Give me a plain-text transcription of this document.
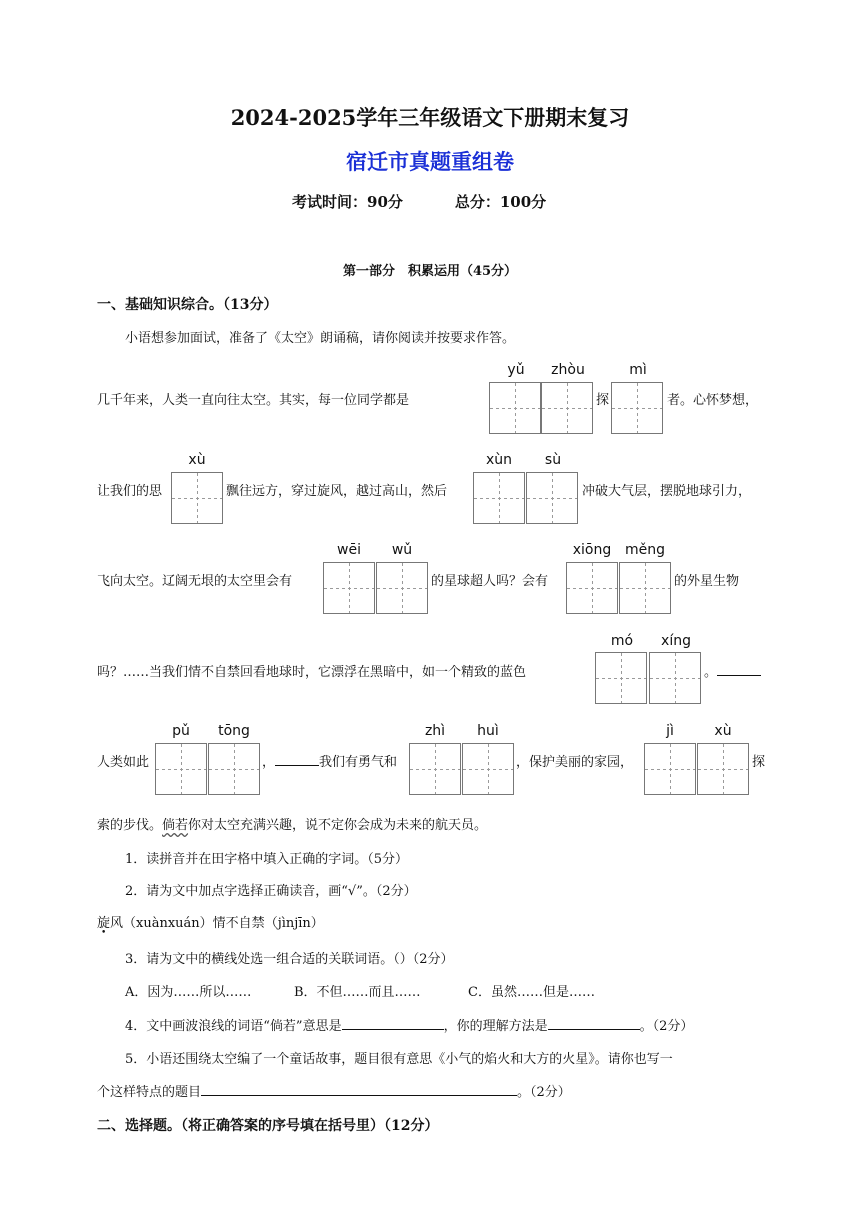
2024-2025学年三年级语文下册期末复习
宿迁市真题重组卷
考试时间：90分	总分：100分
第一部分　积累运用（45分）
一、基础知识综合。（13分）
小语想参加面试，准备了《太空》朗诵稿，请你阅读并按要求作答。
yǔ	zhòu	mì
几千年来，人类一直向往太空。其实，每一位同学都是	探	者。心怀梦想，
xù	xùn	sù
让我们的思	飘往远方，穿过旋风，越过高山，然后	冲破大气层，摆脱地球引力，
wēi	wǔ	xiōng měng
飞向太空。辽阔无垠的太空里会有	的星球超人吗？会有	的外星生物
mó	xíng
吗？……当我们情不自禁回看地球时，它漂浮在黑暗中，如一个精致的蓝色	。
pǔ	tōng	zhì	huì	jì	xù
人类如此	，	我们有勇气和	，保护美丽的家园，	探
索的步伐。倘若你对太空充满兴趣，说不定你会成为未来的航天员。
1．读拼音并在田字格中填入正确的字词。（5分）
2．请为文中加点字选择正确读音，画“√”。（2分）
旋风（xuànxuán）情不自禁（jìnjīn）
3．请为文中的横线处选一组合适的关联词语。（）（2分）
A．因为……所以……	B．不但……而且……	C．虽然……但是……
4．文中画波浪线的词语“倘若”意思是	，你的理解方法是	。（2分）
5．小语还围绕太空编了一个童话故事，题目很有意思《小气的焰火和大方的火星》。请你也写一
个这样特点的题目	。（2分）
二、选择题。（将正确答案的序号填在括号里）（12分）
